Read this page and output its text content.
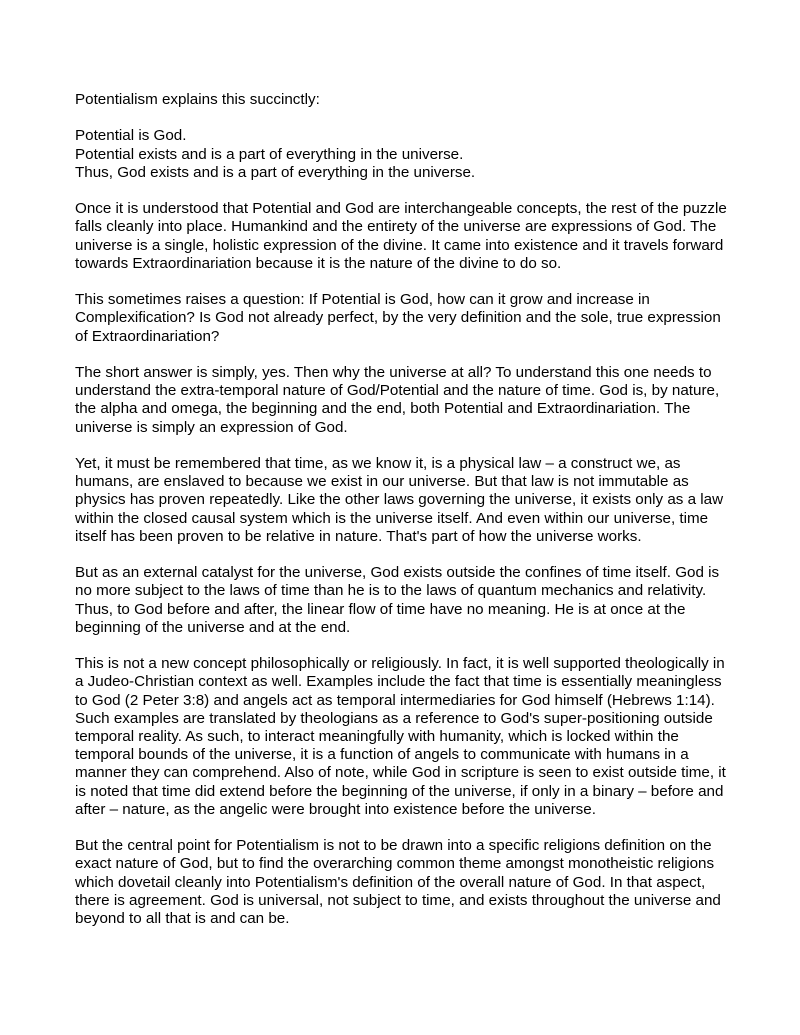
Potentialism explains this succinctly:

Potential is God.
Potential exists and is a part of everything in the universe.
Thus, God exists and is a part of everything in the universe.

Once it is understood that Potential and God are interchangeable concepts, the rest of the puzzle falls cleanly into place. Humankind and the entirety of the universe are expressions of God. The universe is a single, holistic expression of the divine. It came into existence and it travels forward towards Extraordinariation because it is the nature of the divine to do so.

This sometimes raises a question: If Potential is God, how can it grow and increase in Complexification? Is God not already perfect, by the very definition and the sole, true expression of Extraordinariation?

The short answer is simply, yes. Then why the universe at all? To understand this one needs to understand the extra-temporal nature of God/Potential and the nature of time. God is, by nature, the alpha and omega, the beginning and the end, both Potential and Extraordinariation. The universe is simply an expression of God.

Yet, it must be remembered that time, as we know it, is a physical law – a construct we, as humans, are enslaved to because we exist in our universe. But that law is not immutable as physics has proven repeatedly. Like the other laws governing the universe, it exists only as a law within the closed causal system which is the universe itself. And even within our universe, time itself has been proven to be relative in nature. That's part of how the universe works.

But as an external catalyst for the universe, God exists outside the confines of time itself. God is no more subject to the laws of time than he is to the laws of quantum mechanics and relativity. Thus, to God before and after, the linear flow of time have no meaning. He is at once at the beginning of the universe and at the end.

This is not a new concept philosophically or religiously. In fact, it is well supported theologically in a Judeo-Christian context as well. Examples include the fact that time is essentially meaningless to God (2 Peter 3:8) and angels act as temporal intermediaries for God himself (Hebrews 1:14). Such examples are translated by theologians as a reference to God's super-positioning outside temporal reality. As such, to interact meaningfully with humanity, which is locked within the temporal bounds of the universe, it is a function of angels to communicate with humans in a manner they can comprehend. Also of note, while God in scripture is seen to exist outside time, it is noted that time did extend before the beginning of the universe, if only in a binary – before and after – nature, as the angelic were brought into existence before the universe.

But the central point for Potentialism is not to be drawn into a specific religions definition on the exact nature of God, but to find the overarching common theme amongst monotheistic religions which dovetail cleanly into Potentialism's definition of the overall nature of God. In that aspect, there is agreement. God is universal, not subject to time, and exists throughout the universe and beyond to all that is and can be.
